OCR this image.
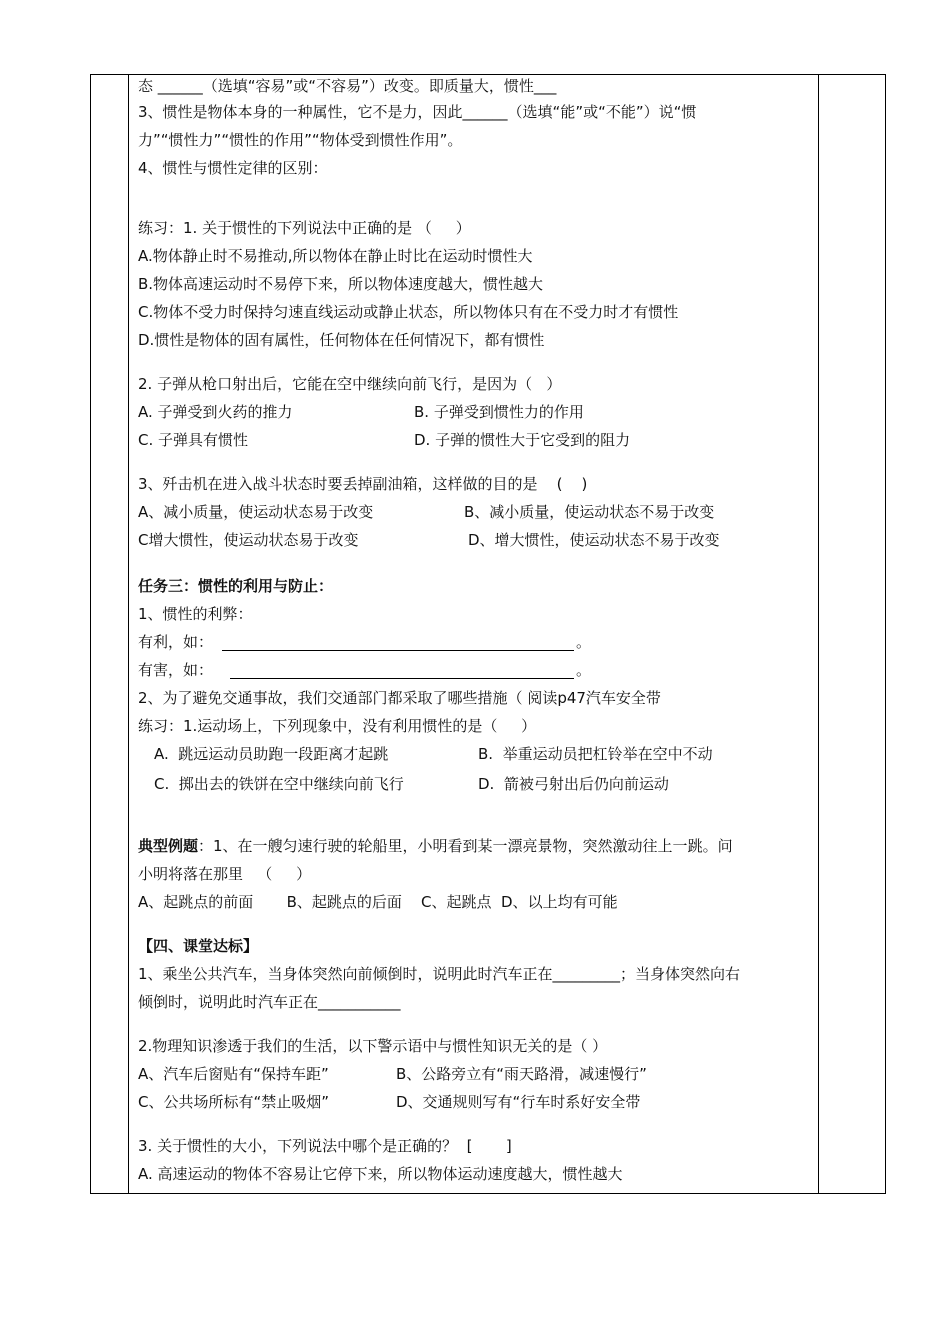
态 ______（选填“容易”或“不容易”）改变。即质量大，惯性___
3、惯性是物体本身的一种属性，它不是力，因此______（选填“能”或“不能”）说“惯
力”“惯性力”“惯性的作用”“物体受到惯性作用”。
4、惯性与惯性定律的区别：
练习：1. 关于惯性的下列说法中正确的是 （     ）
A.物体静止时不易推动,所以物体在静止时比在运动时惯性大
B.物体高速运动时不易停下来，所以物体速度越大，惯性越大
C.物体不受力时保持匀速直线运动或静止状态，所以物体只有在不受力时才有惯性
D.惯性是物体的固有属性，任何物体在任何情况下，都有惯性
2. 子弹从枪口射出后，它能在空中继续向前飞行，是因为（   ）
A. 子弹受到火药的推力	B. 子弹受到惯性力的作用
C. 子弹具有惯性	D. 子弹的惯性大于它受到的阻力
3、歼击机在进入战斗状态时要丢掉副油箱，这样做的目的是    (    )
A、减小质量，使运动状态易于改变	B、减小质量，使运动状态不易于改变
C增大惯性，使运动状态易于改变	D、增大惯性，使运动状态不易于改变
任务三：惯性的利用与防止：
1、惯性的利弊：
有利，如：	。
有害，如：	。
2、为了避免交通事故，我们交通部门都采取了哪些措施（ 阅读p47汽车安全带
练习：1.运动场上，下列现象中，没有利用惯性的是（     ）
A.  跳远运动员助跑一段距离才起跳	B.  举重运动员把杠铃举在空中不动
C.  掷出去的铁饼在空中继续向前飞行	D.  箭被弓射出后仍向前运动
典型例题：1、在一艘匀速行驶的轮船里，小明看到某一漂亮景物，突然激动往上一跳。问
小明将落在那里   （     ）
A、起跳点的前面       B、起跳点的后面    C、起跳点  D、以上均有可能
【四、课堂达标】
1、乘坐公共汽车，当身体突然向前倾倒时，说明此时汽车正在_________；当身体突然向右
倾倒时，说明此时汽车正在___________
2.物理知识渗透于我们的生活，以下警示语中与惯性知识无关的是（ ）
A、汽车后窗贴有“保持车距”	B、公路旁立有“雨天路滑，减速慢行”
C、公共场所标有“禁止吸烟”	D、交通规则写有“行车时系好安全带
3. 关于惯性的大小，下列说法中哪个是正确的？  [       ]
A. 高速运动的物体不容易让它停下来，所以物体运动速度越大，惯性越大
